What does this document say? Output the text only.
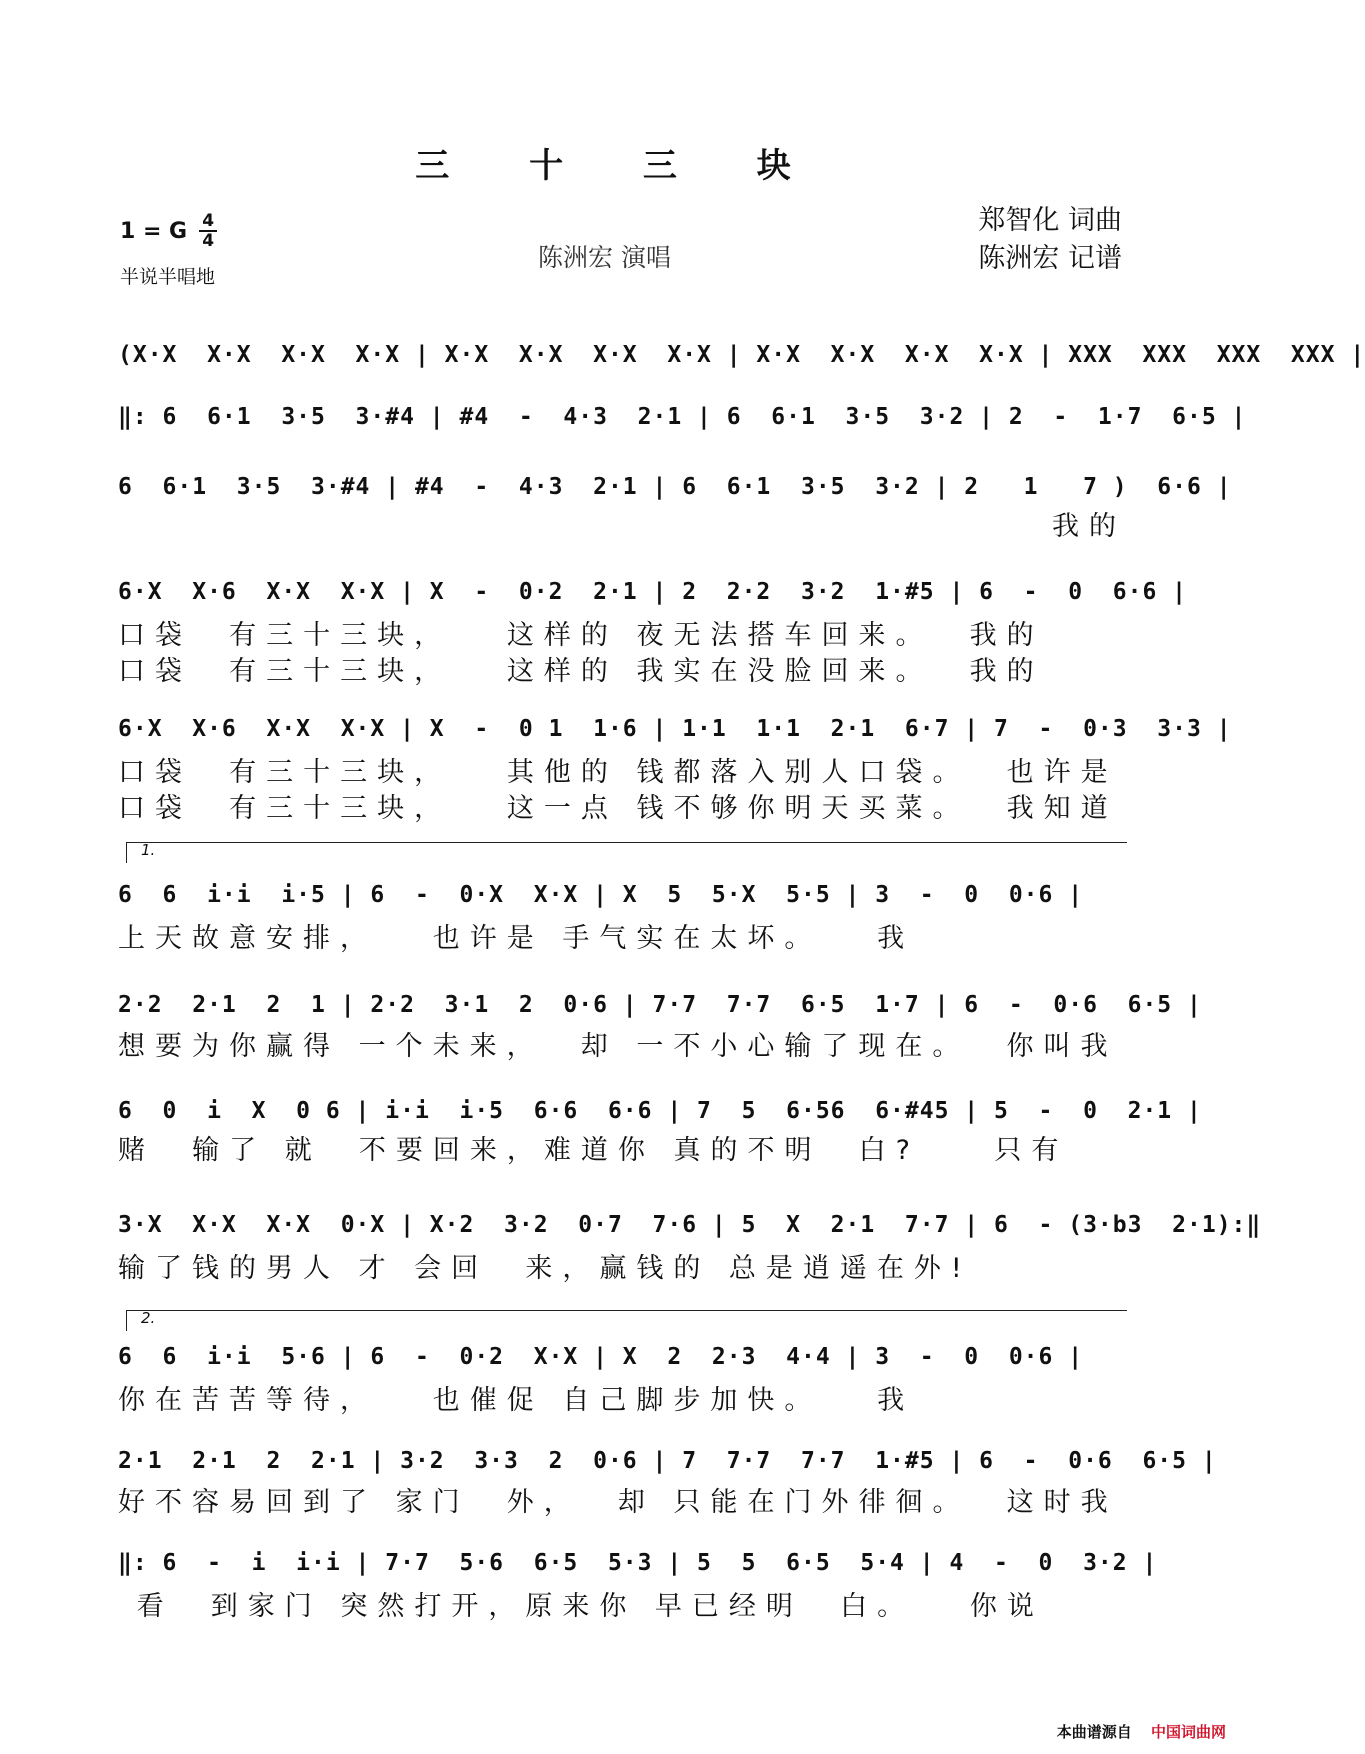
三 十 三 块
1 = G $\frac{4}{4}$
半说半唱地
陈洲宏 演唱
郑智化 词曲
陈洲宏 记谱
(X·X  X·X  X·X  X·X | X·X  X·X  X·X  X·X | X·X  X·X  X·X  X·X | XXX  XXX  XXX  XXX |
‖: 6  6·1  3·5  3·#4 | #4  -  4·3  2·1 | 6  6·1  3·5  3·2 | 2  -  1·7  6·5 |
6  6·1  3·5  3·#4 | #4  -  4·3  2·1 | 6  6·1  3·5  3·2 | 2   1   7 )  6·6 |
我的
6·X  X·6  X·X  X·X | X  -  0·2  2·1 | 2  2·2  3·2  1·#5 | 6  -  0  6·6 |
口袋  有三十三块，   这样的 夜无法搭车回来。  我的
口袋  有三十三块，   这样的 我实在没脸回来。  我的
6·X  X·6  X·X  X·X | X  -  0 1  1·6 | 1·1  1·1  2·1  6·7 | 7  -  0·3  3·3 |
口袋  有三十三块，   其他的 钱都落入别人口袋。  也许是
口袋  有三十三块，   这一点 钱不够你明天买菜。  我知道
1.
6  6  i·i  i·5 | 6  -  0·X  X·X | X  5  5·X  5·5 | 3  -  0  0·6 |
上天故意安排，   也许是 手气实在太坏。   我
2·2  2·1  2  1 | 2·2  3·1  2  0·6 | 7·7  7·7  6·5  1·7 | 6  -  0·6  6·5 |
想要为你赢得 一个未来，  却 一不小心输了现在。  你叫我
6  0  i  X  0 6 | i·i  i·5  6·6  6·6 | 7  5  6·56  6·#45 | 5  -  0  2·1 |
赌  输了 就  不要回来，难道你 真的不明  白?    只有
3·X  X·X  X·X  0·X | X·2  3·2  0·7  7·6 | 5  X  2·1  7·7 | 6  - (3·b3  2·1):‖
输了钱的男人 才 会回  来，赢钱的 总是逍遥在外!
2.
6  6  i·i  5·6 | 6  -  0·2  X·X | X  2  2·3  4·4 | 3  -  0  0·6 |
你在苦苦等待，   也催促 自己脚步加快。   我
2·1  2·1  2  2·1 | 3·2  3·3  2  0·6 | 7  7·7  7·7  1·#5 | 6  -  0·6  6·5 |
好不容易回到了 家门  外，  却 只能在门外徘徊。  这时我
‖: 6  -  i  i·i | 7·7  5·6  6·5  5·3 | 5  5  6·5  5·4 | 4  -  0  3·2 |
看  到家门 突然打开，原来你 早已经明  白。   你说
本曲谱源自 中国词曲网
